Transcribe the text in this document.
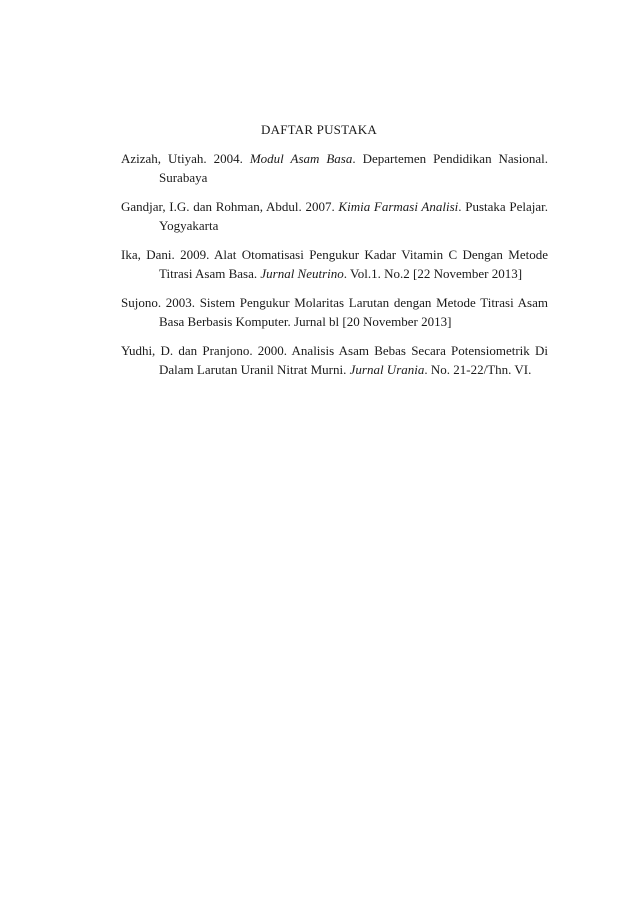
DAFTAR PUSTAKA

Azizah, Utiyah. 2004. Modul Asam Basa. Departemen Pendidikan Nasional. Surabaya

Gandjar, I.G. dan Rohman, Abdul. 2007. Kimia Farmasi Analisi. Pustaka Pelajar. Yogyakarta

Ika, Dani. 2009. Alat Otomatisasi Pengukur Kadar Vitamin C Dengan Metode Titrasi Asam Basa. Jurnal Neutrino. Vol.1. No.2 [22 November 2013]

Sujono. 2003. Sistem Pengukur Molaritas Larutan dengan Metode Titrasi Asam Basa Berbasis Komputer. Jurnal bl [20 November 2013]

Yudhi, D. dan Pranjono. 2000. Analisis Asam Bebas Secara Potensiometrik Di Dalam Larutan Uranil Nitrat Murni. Jurnal Urania. No. 21-22/Thn. VI.
